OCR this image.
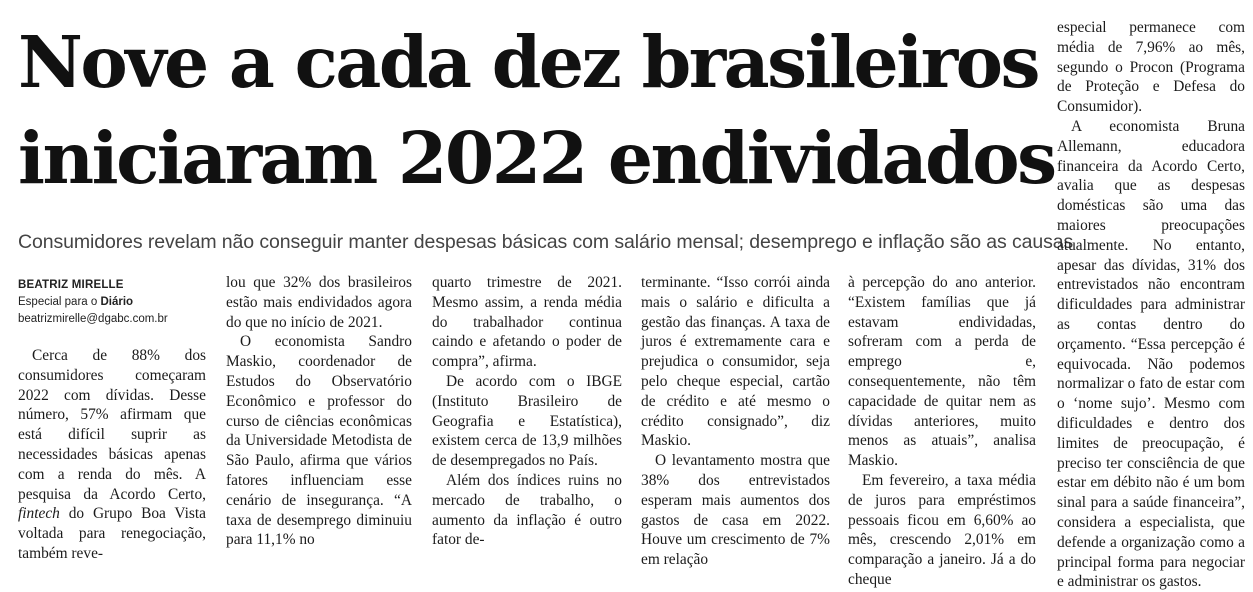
Nove a cada dez brasileiros
iniciaram 2022 endividados
Consumidores revelam não conseguir manter despesas básicas com salário mensal; desemprego e inflação são as causas
BEATRIZ MIRELLE
Especial para o Diário
beatrizmirelle@dgabc.com.br

Cerca de 88% dos consumidores começaram 2022 com dívidas. Desse número, 57% afirmam que está difícil suprir as necessidades básicas apenas com a renda do mês. A pesquisa da Acordo Certo, fintech do Grupo Boa Vista voltada para renegociação, também reve-

lou que 32% dos brasileiros estão mais endividados agora do que no início de 2021.

O economista Sandro Maskio, coordenador de Estudos do Observatório Econômico e professor do curso de ciências econômicas da Universidade Metodista de São Paulo, afirma que vários fatores influenciam esse cenário de insegurança. “A taxa de desemprego diminuiu para 11,1% no

quarto trimestre de 2021. Mesmo assim, a renda média do trabalhador continua caindo e afetando o poder de compra”, afirma.

De acordo com o IBGE (Instituto Brasileiro de Geografia e Estatística), existem cerca de 13,9 milhões de desempregados no País.

Além dos índices ruins no mercado de trabalho, o aumento da inflação é outro fator de-

terminante. “Isso corrói ainda mais o salário e dificulta a gestão das finanças. A taxa de juros é extremamente cara e prejudica o consumidor, seja pelo cheque especial, cartão de crédito e até mesmo o crédito consignado”, diz Maskio.

O levantamento mostra que 38% dos entrevistados esperam mais aumentos dos gastos de casa em 2022. Houve um crescimento de 7% em relação

à percepção do ano anterior. “Existem famílias que já estavam endividadas, sofreram com a perda de emprego e, consequentemente, não têm capacidade de quitar nem as dívidas anteriores, muito menos as atuais”, analisa Maskio.

Em fevereiro, a taxa média de juros para empréstimos pessoais ficou em 6,60% ao mês, crescendo 2,01% em comparação a janeiro. Já a do cheque

especial permanece com média de 7,96% ao mês, segundo o Procon (Programa de Proteção e Defesa do Consumidor).

A economista Bruna Allemann, educadora financeira da Acordo Certo, avalia que as despesas domésticas são uma das maiores preocupações atualmente. No entanto, apesar das dívidas, 31% dos entrevistados não encontram dificuldades para administrar as contas dentro do orçamento. “Essa percepção é equivocada. Não podemos normalizar o fato de estar com o ‘nome sujo’. Mesmo com dificuldades e dentro dos limites de preocupação, é preciso ter consciência de que estar em débito não é um bom sinal para a saúde financeira”, considera a especialista, que defende a organização como a principal forma para negociar e administrar os gastos.
